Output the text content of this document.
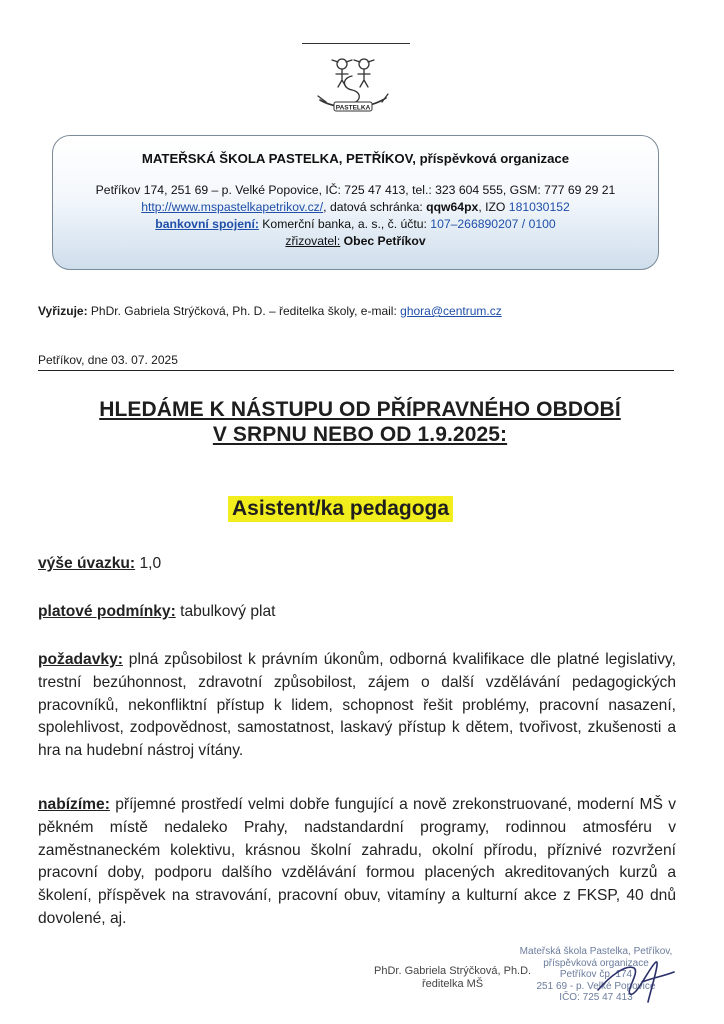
PASTELKA
MATEŘSKÁ ŠKOLA PASTELKA, PETŘÍKOV, příspěvková organizace
Petříkov 174, 251 69 – p. Velké Popovice, IČ: 725 47 413, tel.: 323 604 555, GSM: 777 69 29 21
http://www.mspastelkapetrikov.cz/, datová schránka: qqw64px, IZO 181030152
bankovní spojení: Komerční banka, a. s., č. účtu: 107–266890207 / 0100
zřizovatel: Obec Petříkov
Vyřizuje: PhDr. Gabriela Strýčková, Ph. D. – ředitelka školy, e-mail: ghora@centrum.cz
Petříkov, dne 03. 07. 2025
HLEDÁME K NÁSTUPU OD PŘÍPRAVNÉHO OBDOBÍ
V SRPNU NEBO OD 1.9.2025:
Asistent/ka pedagoga
výše úvazku: 1,0
platové podmínky: tabulkový plat
požadavky: plná způsobilost k právním úkonům, odborná kvalifikace dle platné legislativy, trestní bezúhonnost, zdravotní způsobilost, zájem o další vzdělávání pedagogických pracovníků, nekonfliktní přístup k lidem, schopnost řešit problémy, pracovní nasazení, spolehlivost, zodpovědnost, samostatnost, laskavý přístup k dětem, tvořivost, zkušenosti a hra na hudební nástroj vítány.
nabízíme: příjemné prostředí velmi dobře fungující a nově zrekonstruované, moderní MŠ v pěkném místě nedaleko Prahy, nadstandardní programy, rodinnou atmosféru v zaměstnaneckém kolektivu, krásnou školní zahradu, okolní přírodu, příznivé rozvržení pracovní doby, podporu dalšího vzdělávání formou placených akreditovaných kurzů a školení, příspěvek na stravování, pracovní obuv, vitamíny a kulturní akce z FKSP, 40 dnů dovolené, aj.
Mateřská škola Pastelka, Petříkov,
příspěvková organizace
Petříkov čp. 174
251 69 - p. Velké Popovice
IČO: 725 47 413
PhDr. Gabriela Strýčková, Ph.D.
ředitelka MŠ
